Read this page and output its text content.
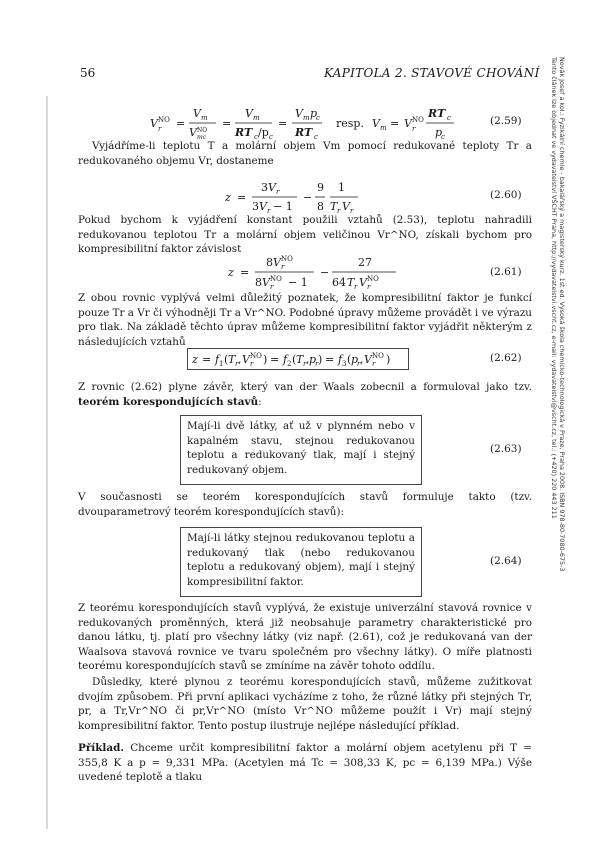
56	KAPITOLA 2. STAVOVÉ CHOVÁNÍ	Novák Josef a kol.: Fyzikální chemie - bakalářský a magisterský kurz. 1st ed. Vysoká škola chemicko-technologická v Praze, Praha 2008. ISBN 978-80-7080-675-3
Tento článek lze objednat ve vydavatelství VŠCHT Praha, http://vydavatelstvi.vscht.cz, e-mail: vydavatelstvi@vscht.cz, tel.: (+420) 220 443 211
V NO
r =
V m
V NO
mc
=
V m
RT c /p c
=
V m p
c
RT c
resp. V m = V NO
r
RT c
p
c
(2.59)

Vyjádříme-li teplotu T a molární objem Vm pomocí redukované teploty Tr a redukovaného objemu Vr, dostaneme

z =
3 V r
3 V r − 1
−
9
8
1
T r V r
(2.60)

Pokud bychom k vyjádření konstant použili vztahů (2.53), teplotu nahradili redukovanou teplotou Tr a molární objem veličinou Vr^NO, získali bychom pro kompresibilitní faktor závislost

z =
8 V NO
r
8 V NO
r − 1
−
27
64 T r V NO
r
(2.61)

Z obou rovnic vyplývá velmi důležitý poznatek, že kompresibilitní faktor je funkcí pouze Tr a Vr či výhodněji Tr a Vr^NO. Podobné úpravy můžeme provádět i ve výrazu pro tlak. Na základě těchto úprav můžeme kompresibilitní faktor vyjádřit některým z následujících vztahů

z = f 1 ( T r , V NO
r ) = f 2 ( T r , p
r ) = f 3 ( p
r , V NO
r )	(2.62)

Z rovnic (2.62) plyne závěr, který van der Waals zobecnil a formuloval jako tzv. teorém korespondujících stavů:

Mají-li dvě látky, ať už v plynném nebo v kapalném stavu, stejnou redukovanou teplotu a redukovaný tlak, mají i stejný redukovaný objem.

(2.63)

V současnosti se teorém korespondujících stavů formuluje takto (tzv. dvouparametrový teorém korespondujících stavů):

Mají-li látky stejnou redukovanou teplotu a redukovaný tlak (nebo redukovanou teplotu a redukovaný objem), mají i stejný kompresibilitní faktor.

(2.64)

Z teorému korespondujících stavů vyplývá, že existuje univerzální stavová rovnice v redukovaných proměnných, která již neobsahuje parametry charakteristické pro danou látku, tj. platí pro všechny látky (viz např. (2.61), což je redukovaná van der Waalsova stavová rovnice ve tvaru společném pro všechny látky). O míře platnosti teorému korespondujících stavů se zmíníme na závěr tohoto oddílu.

Důsledky, které plynou z teorému korespondujících stavů, můžeme zužitkovat dvojím způsobem. Při první aplikaci vycházíme z toho, že různé látky při stejných Tr, pr, a Tr,Vr^NO či pr,Vr^NO (místo Vr^NO můžeme použít i Vr) mají stejný kompresibilitní faktor. Tento postup ilustruje nejlépe následující příklad.

Příklad. Chceme určit kompresibilitní faktor a molární objem acetylenu při T = 355,8 K a p = 9,331 MPa. (Acetylen má Tc = 308,33 K, pc = 6,139 MPa.) Výše uvedené teplotě a tlaku
